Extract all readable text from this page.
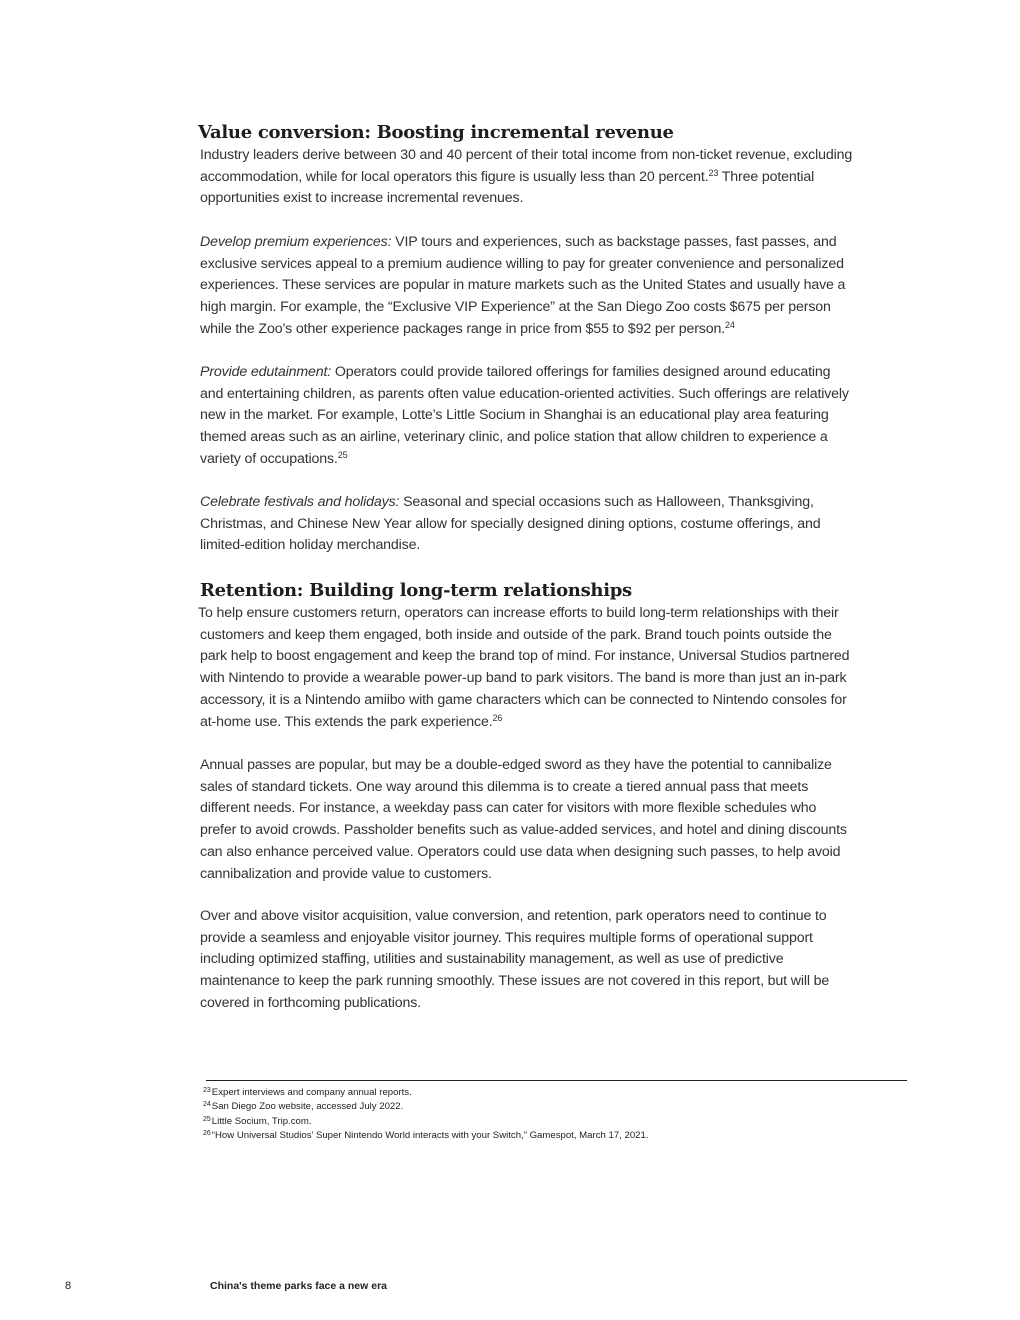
Value conversion: Boosting incremental revenue

Industry leaders derive between 30 and 40 percent of their total income from non-ticket revenue, excluding
accommodation, while for local operators this figure is usually less than 20 percent.$^{23}$ Three potential
opportunities exist to increase incremental revenues.

Develop premium experiences: VIP tours and experiences, such as backstage passes, fast passes, and
exclusive services appeal to a premium audience willing to pay for greater convenience and personalized
experiences. These services are popular in mature markets such as the United States and usually have a
high margin. For example, the “Exclusive VIP Experience” at the San Diego Zoo costs $675 per person
while the Zoo’s other experience packages range in price from $55 to $92 per person.$^{24}$

Provide edutainment: Operators could provide tailored offerings for families designed around educating
and entertaining children, as parents often value education-oriented activities. Such offerings are relatively
new in the market. For example, Lotte’s Little Socium in Shanghai is an educational play area featuring
themed areas such as an airline, veterinary clinic, and police station that allow children to experience a
variety of occupations.$^{25}$

Celebrate festivals and holidays: Seasonal and special occasions such as Halloween, Thanksgiving,
Christmas, and Chinese New Year allow for specially designed dining options, costume offerings, and
limited-edition holiday merchandise.

Retention: Building long-term relationships

To help ensure customers return, operators can increase efforts to build long-term relationships with their
customers and keep them engaged, both inside and outside of the park. Brand touch points outside the
park help to boost engagement and keep the brand top of mind. For instance, Universal Studios partnered
with Nintendo to provide a wearable power-up band to park visitors. The band is more than just an in-park
accessory, it is a Nintendo amiibo with game characters which can be connected to Nintendo consoles for
at-home use. This extends the park experience.$^{26}$

Annual passes are popular, but may be a double-edged sword as they have the potential to cannibalize
sales of standard tickets. One way around this dilemma is to create a tiered annual pass that meets
different needs. For instance, a weekday pass can cater for visitors with more flexible schedules who
prefer to avoid crowds. Passholder benefits such as value-added services, and hotel and dining discounts
can also enhance perceived value. Operators could use data when designing such passes, to help avoid
cannibalization and provide value to customers.

Over and above visitor acquisition, value conversion, and retention, park operators need to continue to
provide a seamless and enjoyable visitor journey. This requires multiple forms of operational support
including optimized staffing, utilities and sustainability management, as well as use of predictive
maintenance to keep the park running smoothly. These issues are not covered in this report, but will be
covered in forthcoming publications.

$^{23}$Expert interviews and company annual reports.
$^{24}$San Diego Zoo website, accessed July 2022.
$^{25}$Little Socium, Trip.com.
$^{26}$“How Universal Studios’ Super Nintendo World interacts with your Switch,” Gamespot, March 17, 2021.
8	China's theme parks face a new era
